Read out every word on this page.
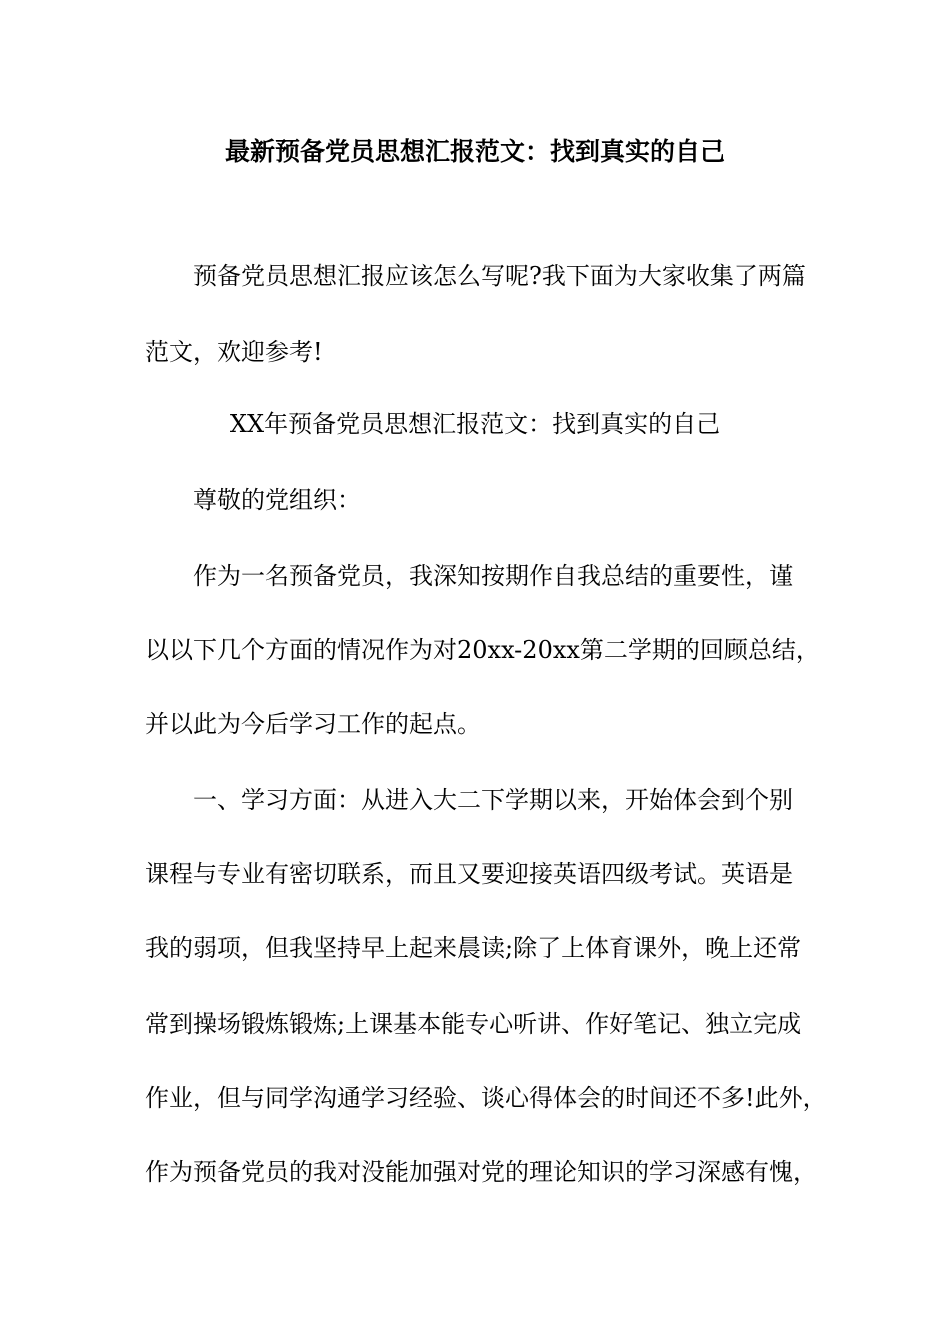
最新预备党员思想汇报范文：找到真实的自己
预备党员思想汇报应该怎么写呢?我下面为大家收集了两篇
范文，欢迎参考!
XX年预备党员思想汇报范文：找到真实的自己
尊敬的党组织：
作为一名预备党员，我深知按期作自我总结的重要性，谨
以以下几个方面的情况作为对20xx-20xx第二学期的回顾总结，
并以此为今后学习工作的起点。
一、学习方面：从进入大二下学期以来，开始体会到个别
课程与专业有密切联系，而且又要迎接英语四级考试。英语是
我的弱项，但我坚持早上起来晨读;除了上体育课外，晚上还常
常到操场锻炼锻炼;上课基本能专心听讲、作好笔记、独立完成
作业，但与同学沟通学习经验、谈心得体会的时间还不多!此外，
作为预备党员的我对没能加强对党的理论知识的学习深感有愧，
